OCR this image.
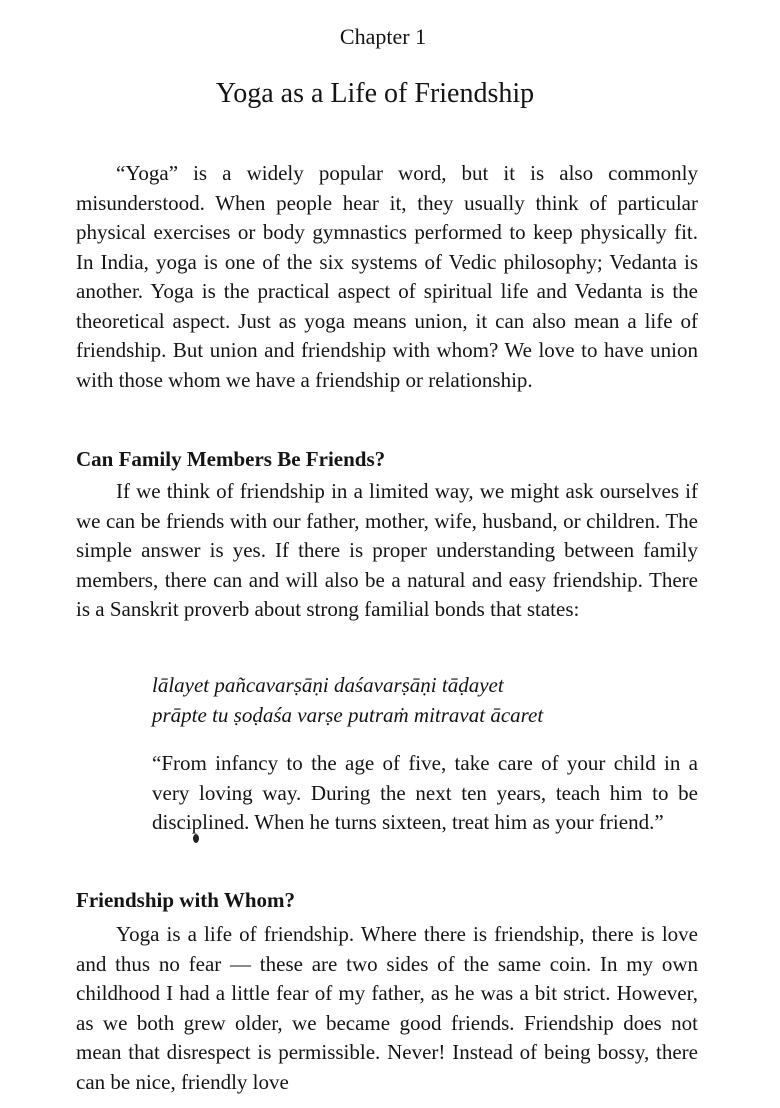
Chapter 1
Yoga as a Life of Friendship

“Yoga” is a widely popular word, but it is also commonly misunderstood. When people hear it, they usually think of particular physical exercises or body gymnastics performed to keep physically fit. In India, yoga is one of the six systems of Vedic philosophy; Vedanta is another. Yoga is the practical aspect of spiritual life and Vedanta is the theoretical aspect. Just as yoga means union, it can also mean a life of friendship. But union and friendship with whom? We love to have union with those whom we have a friendship or relationship.

Can Family Members Be Friends?

If we think of friendship in a limited way, we might ask ourselves if we can be friends with our father, mother, wife, husband, or children. The simple answer is yes. If there is proper understanding between family members, there can and will also be a natural and easy friendship. There is a Sanskrit proverb about strong familial bonds that states:

lālayet pañcavarṣāṇi daśavarṣāṇi tāḍayet
prāpte tu ṣoḍaśa varṣe putraṁ mitravat ācaret

“From infancy to the age of five, take care of your child in a very loving way. During the next ten years, teach him to be disciplined. When he turns sixteen, treat him as your friend.”

Friendship with Whom?

Yoga is a life of friendship. Where there is friendship, there is love and thus no fear — these are two sides of the same coin. In my own childhood I had a little fear of my father, as he was a bit strict. However, as we both grew older, we became good friends. Friendship does not mean that disrespect is permissible. Never! Instead of being bossy, there can be nice, friendly love
